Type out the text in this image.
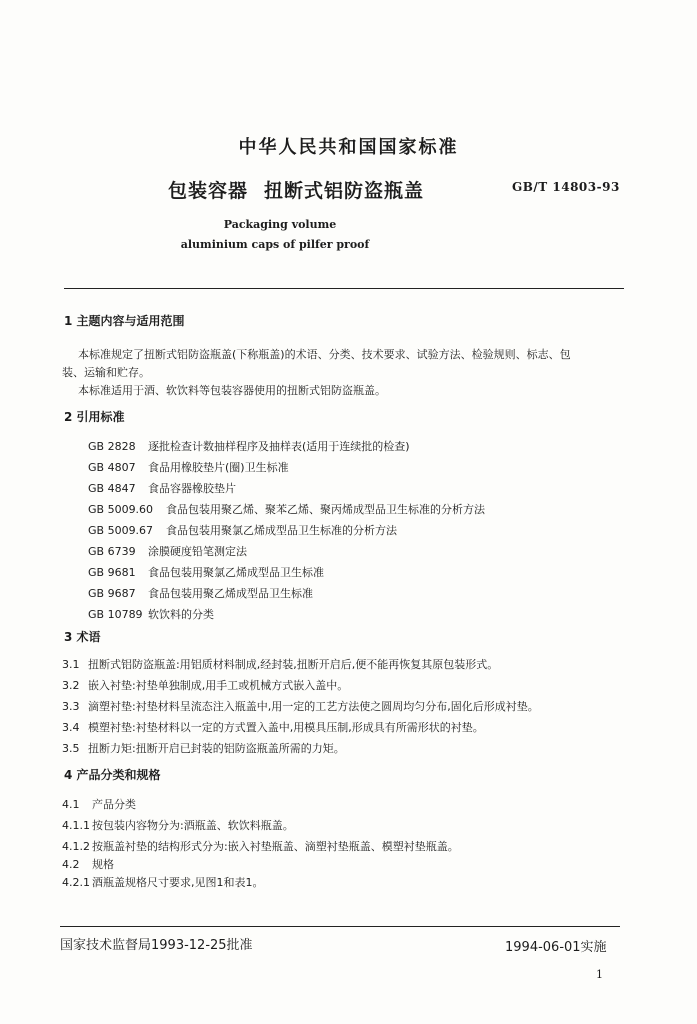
中华人民共和国国家标准
包装容器 扭断式铝防盗瓶盖	GB/T 14803-93
Packaging volume
aluminium caps of pilfer proof
1 主题内容与适用范围
本标准规定了扭断式铝防盗瓶盖(下称瓶盖)的术语、分类、技术要求、试验方法、检验规则、标志、包
装、运输和贮存。
本标准适用于酒、软饮料等包装容器使用的扭断式铝防盗瓶盖。
2 引用标准
GB 2828 逐批检查计数抽样程序及抽样表(适用于连续批的检查)
GB 4807 食品用橡胶垫片(圈)卫生标准
GB 4847 食品容器橡胶垫片
GB 5009.60 食品包装用聚乙烯、聚苯乙烯、聚丙烯成型品卫生标准的分析方法
GB 5009.67 食品包装用聚氯乙烯成型品卫生标准的分析方法
GB 6739 涂膜硬度铅笔测定法
GB 9681 食品包装用聚氯乙烯成型品卫生标准
GB 9687 食品包装用聚乙烯成型品卫生标准
GB 10789 软饮料的分类
3 术语
3.1 扭断式铝防盗瓶盖:用铝质材料制成,经封装,扭断开启后,便不能再恢复其原包装形式。
3.2 嵌入衬垫:衬垫单独制成,用手工或机械方式嵌入盖中。
3.3 滴塑衬垫:衬垫材料呈流态注入瓶盖中,用一定的工艺方法使之圆周均匀分布,固化后形成衬垫。
3.4 模塑衬垫:衬垫材料以一定的方式置入盖中,用模具压制,形成具有所需形状的衬垫。
3.5 扭断力矩:扭断开启已封装的铝防盗瓶盖所需的力矩。
4 产品分类和规格
4.1 产品分类
4.1.1 按包装内容物分为:酒瓶盖、软饮料瓶盖。
4.1.2 按瓶盖衬垫的结构形式分为:嵌入衬垫瓶盖、滴塑衬垫瓶盖、模塑衬垫瓶盖。
4.2 规格
4.2.1 酒瓶盖规格尺寸要求,见图1和表1。
国家技术监督局1993-12-25批准	1994-06-01实施
1
